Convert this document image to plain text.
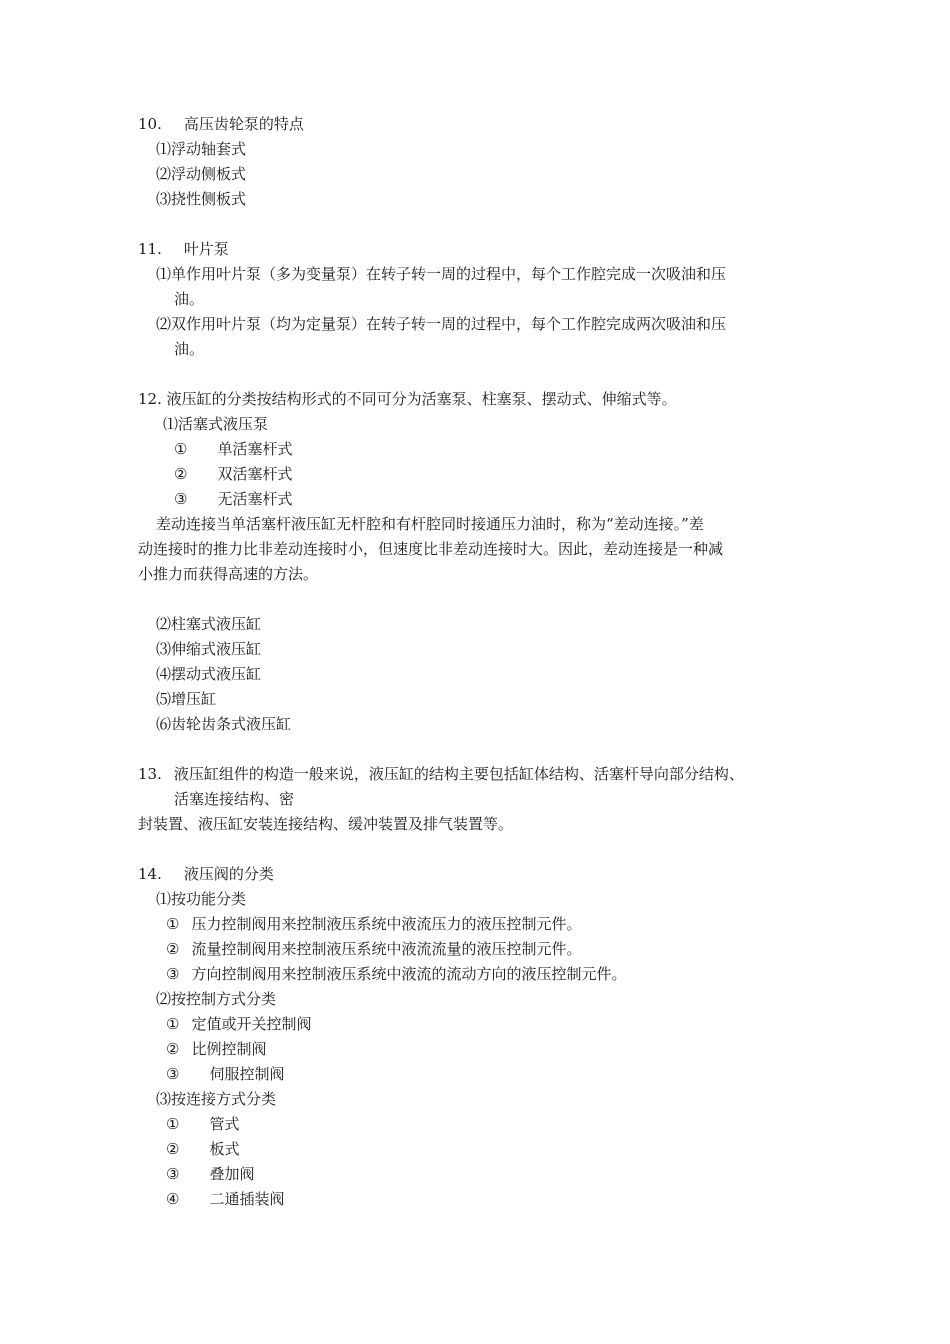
10. 高压齿轮泵的特点
⑴浮动轴套式
⑵浮动侧板式
⑶挠性侧板式
11. 叶片泵
⑴单作用叶片泵（多为变量泵）在转子转一周的过程中，每个工作腔完成一次吸油和压
油。
⑵双作用叶片泵（均为定量泵）在转子转一周的过程中，每个工作腔完成两次吸油和压
油。
12. 液压缸的分类按结构形式的不同可分为活塞泵、柱塞泵、摆动式、伸缩式等。
⑴活塞式液压泵
① 单活塞杆式
② 双活塞杆式
③ 无活塞杆式
差动连接当单活塞杆液压缸无杆腔和有杆腔同时接通压力油时，称为“差动连接。”差
动连接时的推力比非差动连接时小，但速度比非差动连接时大。因此，差动连接是一种减
小推力而获得高速的方法。
⑵柱塞式液压缸
⑶伸缩式液压缸
⑷摆动式液压缸
⑸增压缸
⑹齿轮齿条式液压缸
13. 液压缸组件的构造一般来说，液压缸的结构主要包括缸体结构、活塞杆导向部分结构、
活塞连接结构、密
封装置、液压缸安装连接结构、缓冲装置及排气装置等。
14. 液压阀的分类
⑴按功能分类
① 压力控制阀用来控制液压系统中液流压力的液压控制元件。
② 流量控制阀用来控制液压系统中液流流量的液压控制元件。
③ 方向控制阀用来控制液压系统中液流的流动方向的液压控制元件。
⑵按控制方式分类
① 定值或开关控制阀
② 比例控制阀
③ 伺服控制阀
⑶按连接方式分类
① 管式
② 板式
③ 叠加阀
④ 二通插装阀
